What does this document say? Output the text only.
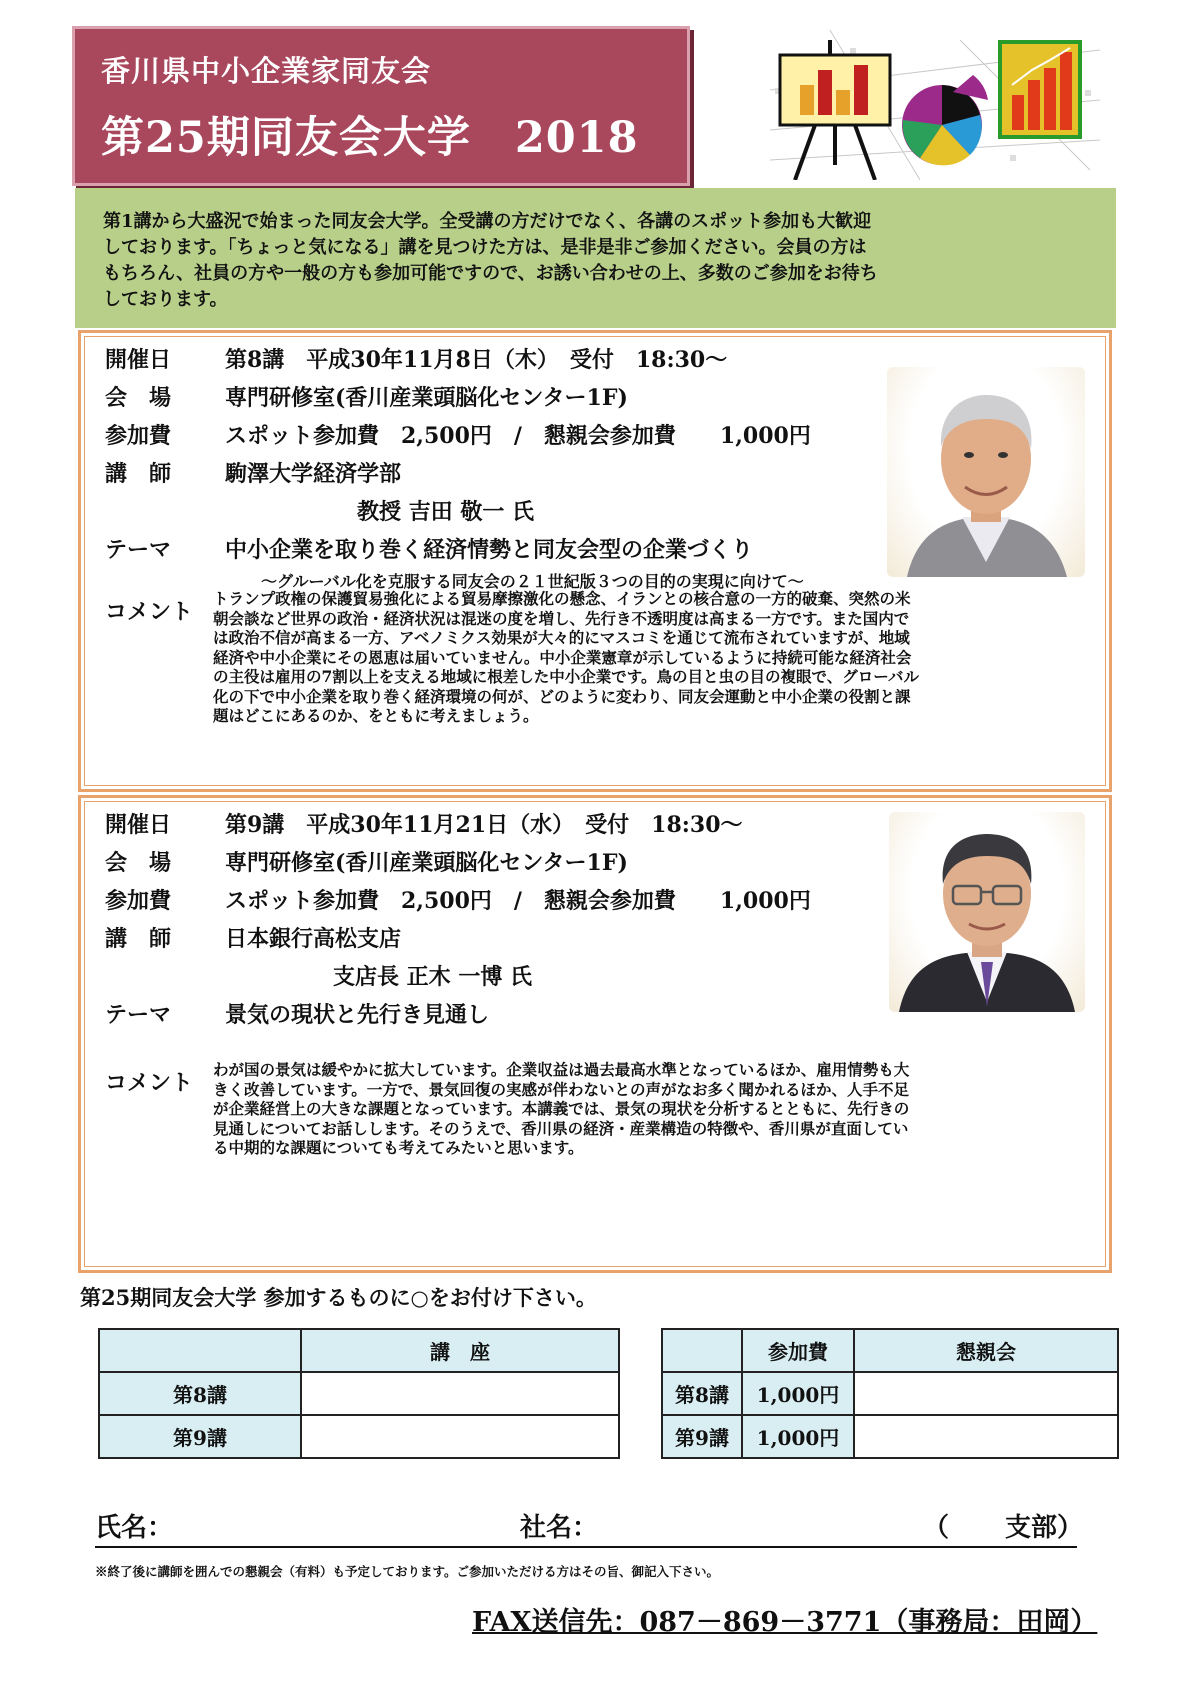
香川県中小企業家同友会
第25期同友会大学　2018
第1講から大盛況で始まった同友会大学。全受講の方だけでなく、各講のスポット参加も大歓迎
しております。「ちょっと気になる」講を見つけた方は、是非是非ご参加ください。会員の方は
もちろん、社員の方や一般の方も参加可能ですので、お誘い合わせの上、多数のご参加をお待ち
しております。
開催日 第8講　平成30年11月8日（木）　受付　18:30～
会　場 専門研修室(香川産業頭脳化センター1F)
参加費 スポット参加費　2,500円　/　懇親会参加費　　1,000円
講　師 駒澤大学経済学部
教授 吉田 敬一 氏
テーマ 中小企業を取り巻く経済情勢と同友会型の企業づくり
～グルーバル化を克服する同友会の２１世紀版３つの目的の実現に向けて～
コメント
トランプ政権の保護貿易強化による貿易摩擦激化の懸念、イランとの核合意の一方的破棄、突然の米
朝会談など世界の政治・経済状況は混迷の度を増し、先行き不透明度は高まる一方です。また国内で
は政治不信が高まる一方、アベノミクス効果が大々的にマスコミを通じて流布されていますが、地域
経済や中小企業にその恩恵は届いていません。中小企業憲章が示しているように持続可能な経済社会
の主役は雇用の7割以上を支える地域に根差した中小企業です。鳥の目と虫の目の複眼で、グローバル
化の下で中小企業を取り巻く経済環境の何が、どのように変わり、同友会運動と中小企業の役割と課
題はどこにあるのか、をともに考えましょう。
開催日 第9講　平成30年11月21日（水）　受付　18:30～
会　場 専門研修室(香川産業頭脳化センター1F)
参加費 スポット参加費　2,500円　/　懇親会参加費　　1,000円
講　師 日本銀行高松支店
支店長 正木 一博 氏
テーマ 景気の現状と先行き見通し
コメント
わが国の景気は緩やかに拡大しています。企業収益は過去最高水準となっているほか、雇用情勢も大
きく改善しています。一方で、景気回復の実感が伴わないとの声がなお多く聞かれるほか、人手不足
が企業経営上の大きな課題となっています。本講義では、景気の現状を分析するとともに、先行きの
見通しについてお話しします。そのうえで、香川県の経済・産業構造の特徴や、香川県が直面してい
る中期的な課題についても考えてみたいと思います。
第25期同友会大学 参加するものに○をお付け下さい。
	講　座
第8講	
第9講	
	参加費	懇親会
第8講	1,000円	
第9講	1,000円	
氏名：	社名：	（ 支部）
※終了後に講師を囲んでの懇親会（有料）も予定しております。ご参加いただける方はその旨、御記入下さい。
FAX送信先：087－869－3771（事務局：田岡）
